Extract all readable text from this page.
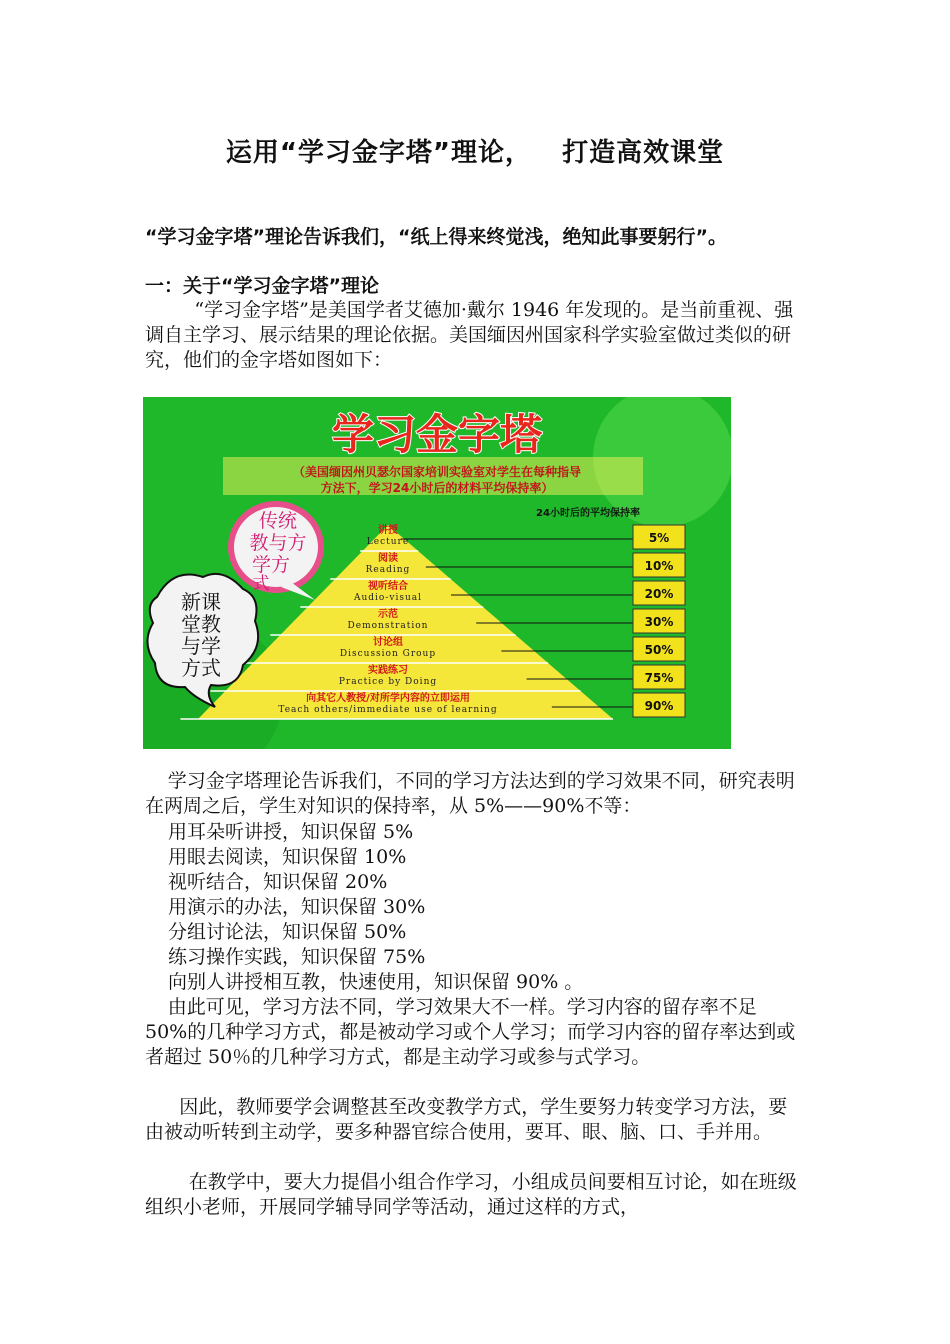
运用“学习金字塔”理论，   打造高效课堂
“学习金字塔”理论告诉我们，“纸上得来终觉浅，绝知此事要躬行”。
一：关于“学习金字塔”理论
“学习金字塔”是美国学者艾德加·戴尔 1946 年发现的。是当前重视、强调自主学习、展示结果的理论依据。美国缅因州国家科学实验室做过类似的研究，他们的金字塔如图如下：
学习金字塔
（美国缅因州贝瑟尔国家培训实验室对学生在每种指导
方法下，学习24小时后的材料平均保持率）
24小时后的平均保持率
讲授
Lecture	5%
阅读
Reading	10%
视听结合
Audio-visual	20%
示范
Demonstration	30%
讨论组
Discussion Group	50%
实践练习
Practice by Doing	75%
向其它人教授/对所学内容的立即运用
Teach others/immediate use of learning	90%
传统
教与方
学方
式
新课
堂教
与学
方式
学习金字塔理论告诉我们，不同的学习方法达到的学习效果不同，研究表明在两周之后，学生对知识的保持率，从 5%——90%不等：
用耳朵听讲授，知识保留 5%
用眼去阅读，知识保留 10%
视听结合，知识保留 20%
用演示的办法，知识保留 30%
分组讨论法，知识保留 50%
练习操作实践，知识保留 75%
向别人讲授相互教，快速使用，知识保留 90% 。
由此可见，学习方法不同，学习效果大不一样。学习内容的留存率不足 50%的几种学习方式，都是被动学习或个人学习；而学习内容的留存率达到或者超过 50％的几种学习方式，都是主动学习或参与式学习。
因此，教师要学会调整甚至改变教学方式，学生要努力转变学习方法，要由被动听转到主动学，要多种器官综合使用，要耳、眼、脑、口、手并用。
在教学中，要大力提倡小组合作学习，小组成员间要相互讨论，如在班级组织小老师，开展同学辅导同学等活动，通过这样的方式，
